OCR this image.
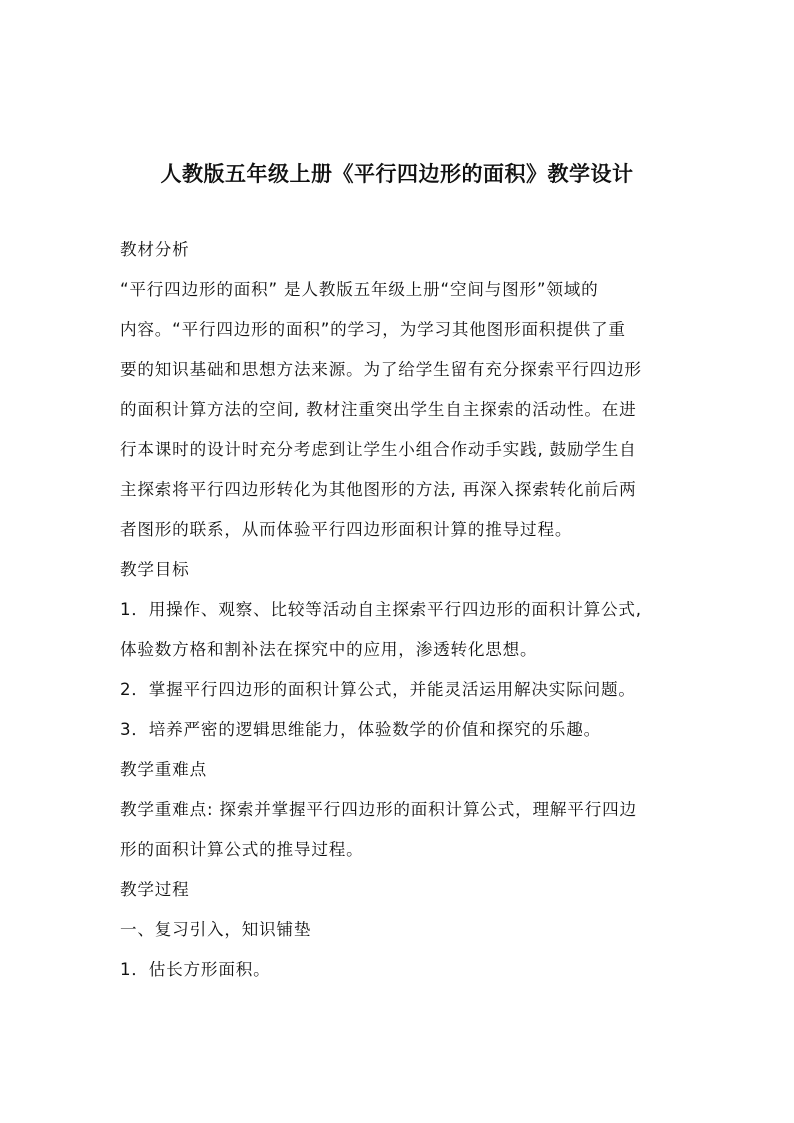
人教版五年级上册《平行四边形的面积》教学设计
教材分析
“平行四边形的面积” 是人教版五年级上册“空间与图形”领域的
内容。“平行四边形的面积”的学习，为学习其他图形面积提供了重
要的知识基础和思想方法来源。为了给学生留有充分探索平行四边形
的面积计算方法的空间, 教材注重突出学生自主探索的活动性。在进
行本课时的设计时充分考虑到让学生小组合作动手实践, 鼓励学生自
主探索将平行四边形转化为其他图形的方法, 再深入探索转化前后两
者图形的联系，从而体验平行四边形面积计算的推导过程。
教学目标
1．用操作、观察、比较等活动自主探索平行四边形的面积计算公式,
体验数方格和割补法在探究中的应用，渗透转化思想。
2．掌握平行四边形的面积计算公式，并能灵活运用解决实际问题。
3．培养严密的逻辑思维能力，体验数学的价值和探究的乐趣。
教学重难点
教学重难点: 探索并掌握平行四边形的面积计算公式，理解平行四边
形的面积计算公式的推导过程。
教学过程
一、复习引入，知识铺垫
1．估长方形面积。
